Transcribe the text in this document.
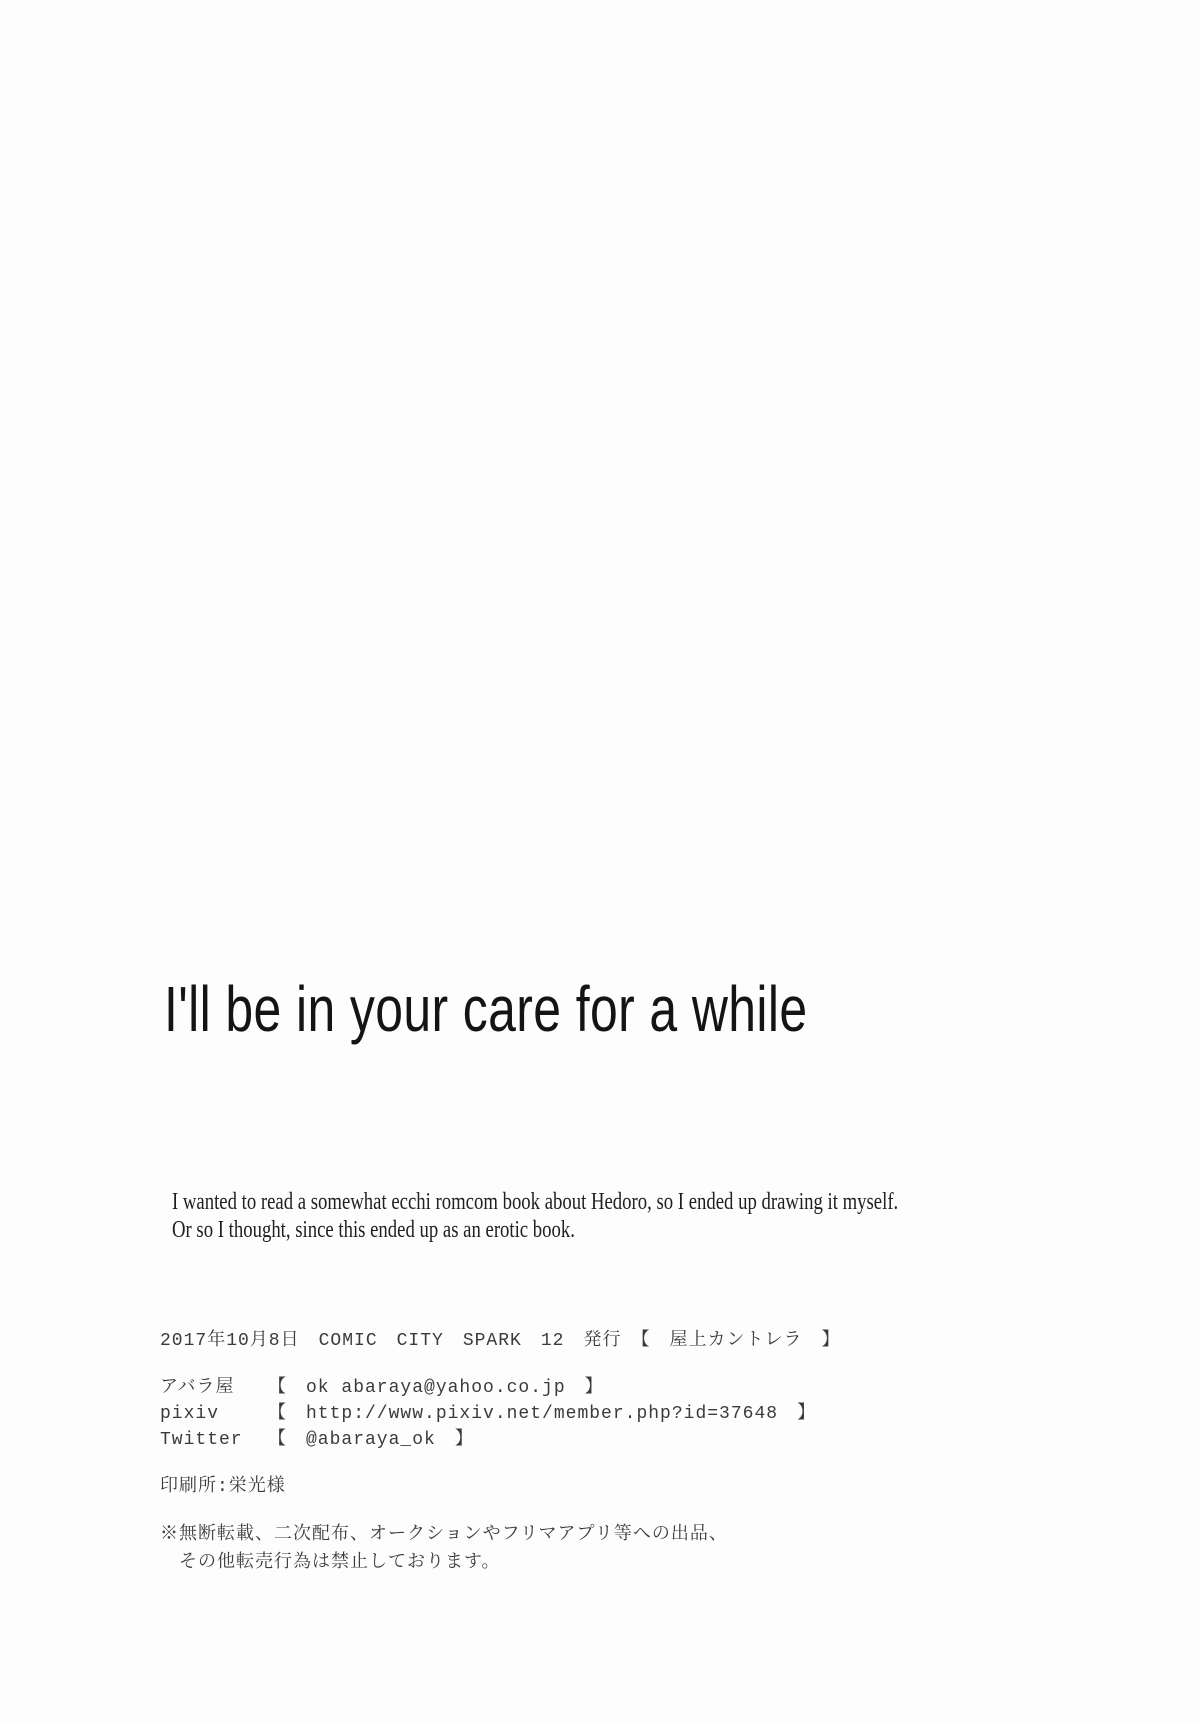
I'll be in your care for a while

I wanted to read a somewhat ecchi romcom book about Hedoro, so I ended up drawing it myself.
Or so I thought, since this ended up as an erotic book.

2017年10月8日　COMIC　CITY　SPARK　12　発行　【　屋上カントレラ　】
アバラ屋	【　ok abaraya@yahoo.co.jp　】
pixiv	【　http://www.pixiv.net/member.php?id=37648　】
Twitter	【　@abaraya_ok　】
印刷所:栄光様
※無断転載、二次配布、オークションやフリマアプリ等への出品、
その他転売行為は禁止しております。
